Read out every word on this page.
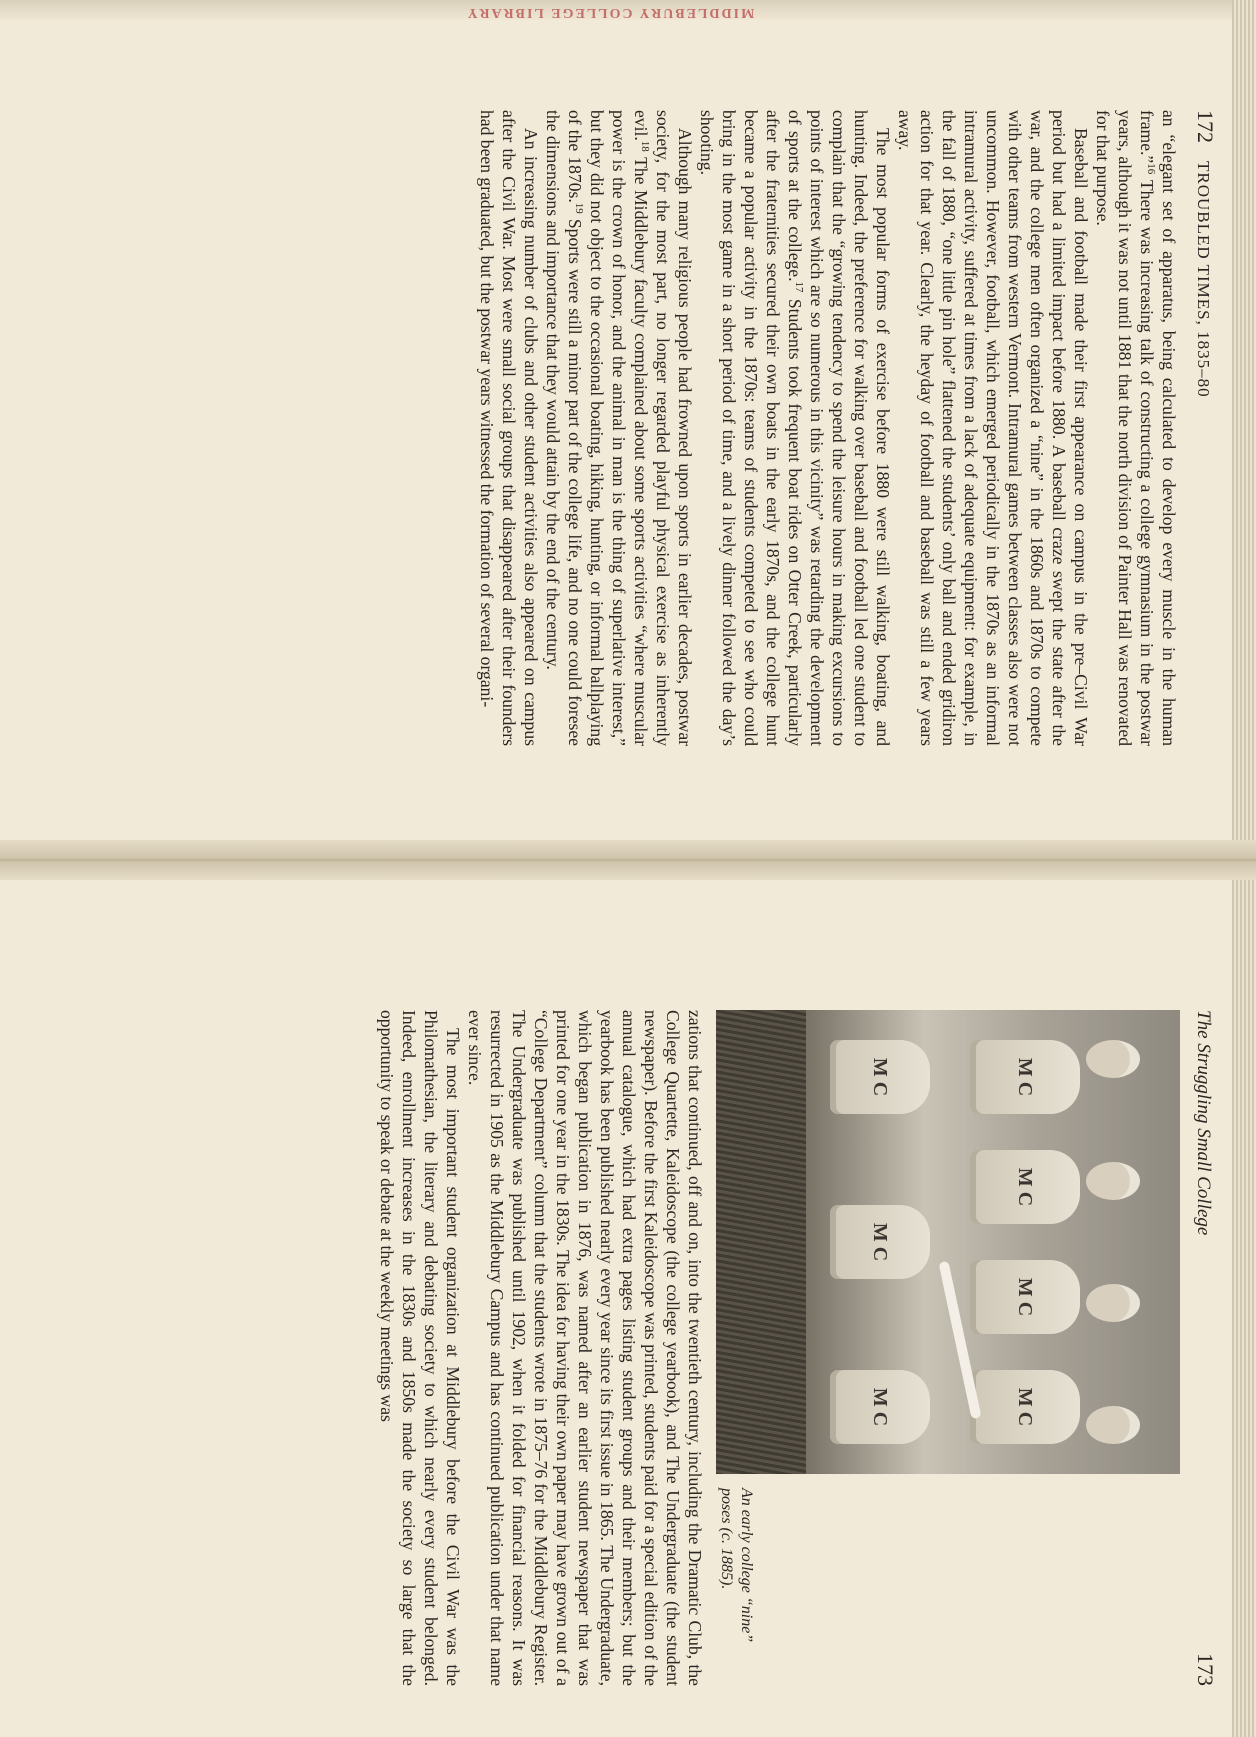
MIDDLEBURY COLLEGE LIBRARY
172
TROUBLED TIMES, 1835–80

an “elegant set of apparatus, being calculated to develop every muscle in the human frame.”$^{16}$ There was increasing talk of constructing a college gymnasium in the postwar years, although it was not until 1881 that the north division of Painter Hall was renovated for that purpose.

Baseball and football made their first appearance on campus in the pre–Civil War period but had a limited impact before 1880. A baseball craze swept the state after the war, and the college men often organized a “nine” in the 1860s and 1870s to compete with other teams from western Vermont. Intramural games between classes also were not uncommon. However, football, which emerged periodically in the 1870s as an informal intramural activity, suffered at times from a lack of adequate equipment: for example, in the fall of 1880, “one little pin hole” flattened the students’ only ball and ended gridiron action for that year. Clearly, the heyday of football and baseball was still a few years away.

The most popular forms of exercise before 1880 were still walking, boating, and hunting. Indeed, the preference for walking over baseball and football led one student to complain that the “growing tendency to spend the leisure hours in making excursions to points of interest which are so numerous in this vicinity” was retarding the development of sports at the college.$^{17}$ Students took frequent boat rides on Otter Creek, particularly after the fraternities secured their own boats in the early 1870s, and the college hunt became a popular activity in the 1870s: teams of students competed to see who could bring in the most game in a short period of time, and a lively dinner followed the day’s shooting.

Although many religious people had frowned upon sports in earlier decades, postwar society, for the most part, no longer regarded playful physical exercise as inherently evil.$^{18}$ The Middlebury faculty complained about some sports activities “where muscular power is the crown of honor, and the animal in man is the thing of superlative interest,” but they did not object to the occasional boating, hiking, hunting, or informal ballplaying of the 1870s.$^{19}$ Sports were still a minor part of the college life, and no one could foresee the dimensions and importance that they would attain by the end of the century.

An increasing number of clubs and other student activities also appeared on campus after the Civil War. Most were small social groups that disappeared after their founders had been graduated, but the postwar years witnessed the formation of several organi-

The Struggling Small College
173
M C
M C
M C
M C
M C
M C
M C
An early college “nine” poses (c. 1885).

zations that continued, off and on, into the twentieth century, including the Dramatic Club, the College Quartette, Kaleidoscope (the college yearbook), and The Undergraduate (the student newspaper). Before the first Kaleidoscope was printed, students paid for a special edition of the annual catalogue, which had extra pages listing student groups and their members; but the yearbook has been published nearly every year since its first issue in 1865. The Undergraduate, which began publication in 1876, was named after an earlier student newspaper that was printed for one year in the 1830s. The idea for having their own paper may have grown out of a “College Department” column that the students wrote in 1875–76 for the Middlebury Register. The Undergraduate was published until 1902, when it folded for financial reasons. It was resurrected in 1905 as the Middlebury Campus and has continued publication under that name ever since.

The most important student organization at Middlebury before the Civil War was the Philomathesian, the literary and debating society to which nearly every student belonged. Indeed, enrollment increases in the 1830s and 1850s made the society so large that the opportunity to speak or debate at the weekly meetings was
